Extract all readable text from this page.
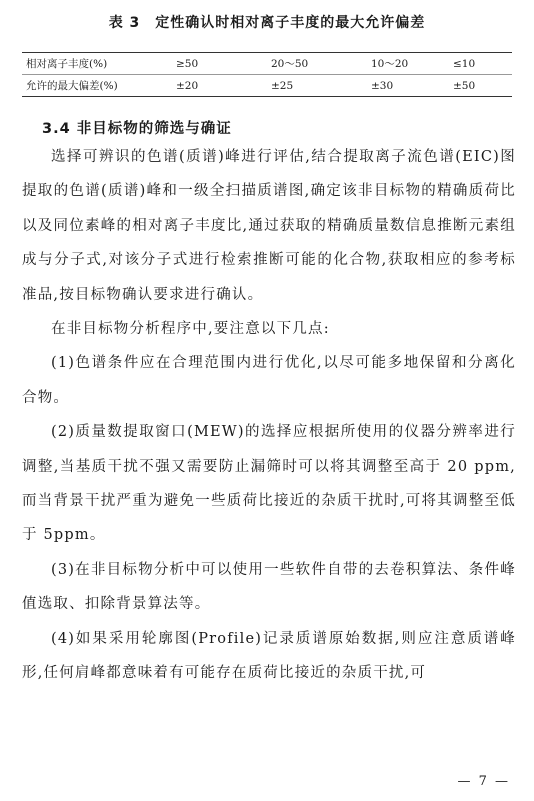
表 3　定性确认时相对离子丰度的最大允许偏差
相对离子丰度(%)	≥50	20～50	10～20	≤10
允许的最大偏差(%)	±20	±25	±30	±50
3.4 非目标物的筛选与确证

选择可辨识的色谱(质谱)峰进行评估,结合提取离子流色谱(EIC)图提取的色谱(质谱)峰和一级全扫描质谱图,确定该非目标物的精确质荷比以及同位素峰的相对离子丰度比,通过获取的精确质量数信息推断元素组成与分子式,对该分子式进行检索推断可能的化合物,获取相应的参考标准品,按目标物确认要求进行确认。

在非目标物分析程序中,要注意以下几点:

(1)色谱条件应在合理范围内进行优化,以尽可能多地保留和分离化合物。

(2)质量数提取窗口(MEW)的选择应根据所使用的仪器分辨率进行调整,当基质干扰不强又需要防止漏筛时可以将其调整至高于 20 ppm,而当背景干扰严重为避免一些质荷比接近的杂质干扰时,可将其调整至低于 5ppm。

(3)在非目标物分析中可以使用一些软件自带的去卷积算法、条件峰值选取、扣除背景算法等。

(4)如果采用轮廓图(Profile)记录质谱原始数据,则应注意质谱峰形,任何肩峰都意味着有可能存在质荷比接近的杂质干扰,可

— 7 —
